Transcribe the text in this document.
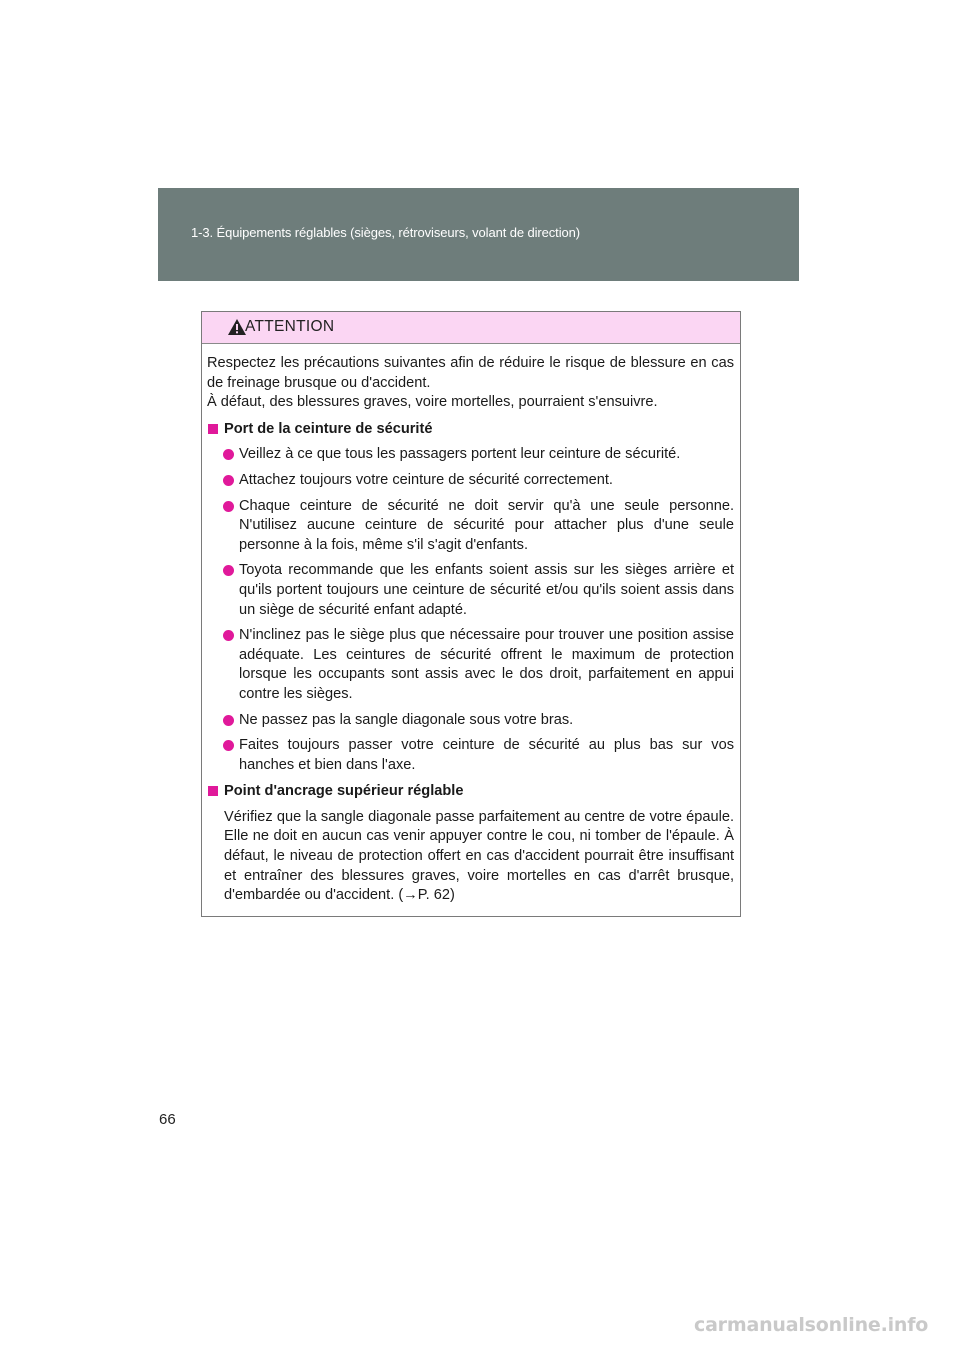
1-3. Équipements réglables (sièges, rétroviseurs, volant de direction)
ATTENTION

Respectez les précautions suivantes afin de réduire le risque de blessure en cas de freinage brusque ou d'accident.

À défaut, des blessures graves, voire mortelles, pourraient s'ensuivre.

Port de la ceinture de sécurité
Veillez à ce que tous les passagers portent leur ceinture de sécurité.
Attachez toujours votre ceinture de sécurité correctement.
Chaque ceinture de sécurité ne doit servir qu'à une seule personne. N'utilisez aucune ceinture de sécurité pour attacher plus d'une seule personne à la fois, même s'il s'agit d'enfants.
Toyota recommande que les enfants soient assis sur les sièges arrière et qu'ils portent toujours une ceinture de sécurité et/ou qu'ils soient assis dans un siège de sécurité enfant adapté.
N'inclinez pas le siège plus que nécessaire pour trouver une position assise adéquate. Les ceintures de sécurité offrent le maximum de protection lorsque les occupants sont assis avec le dos droit, parfaitement en appui contre les sièges.
Ne passez pas la sangle diagonale sous votre bras.
Faites toujours passer votre ceinture de sécurité au plus bas sur vos hanches et bien dans l'axe.
Point d'ancrage supérieur réglable
Vérifiez que la sangle diagonale passe parfaitement au centre de votre épaule. Elle ne doit en aucun cas venir appuyer contre le cou, ni tomber de l'épaule. À défaut, le niveau de protection offert en cas d'accident pourrait être insuffisant et entraîner des blessures graves, voire mortelles en cas d'arrêt brusque, d'embardée ou d'accident. (→P. 62)
66
carmanualsonline.info
